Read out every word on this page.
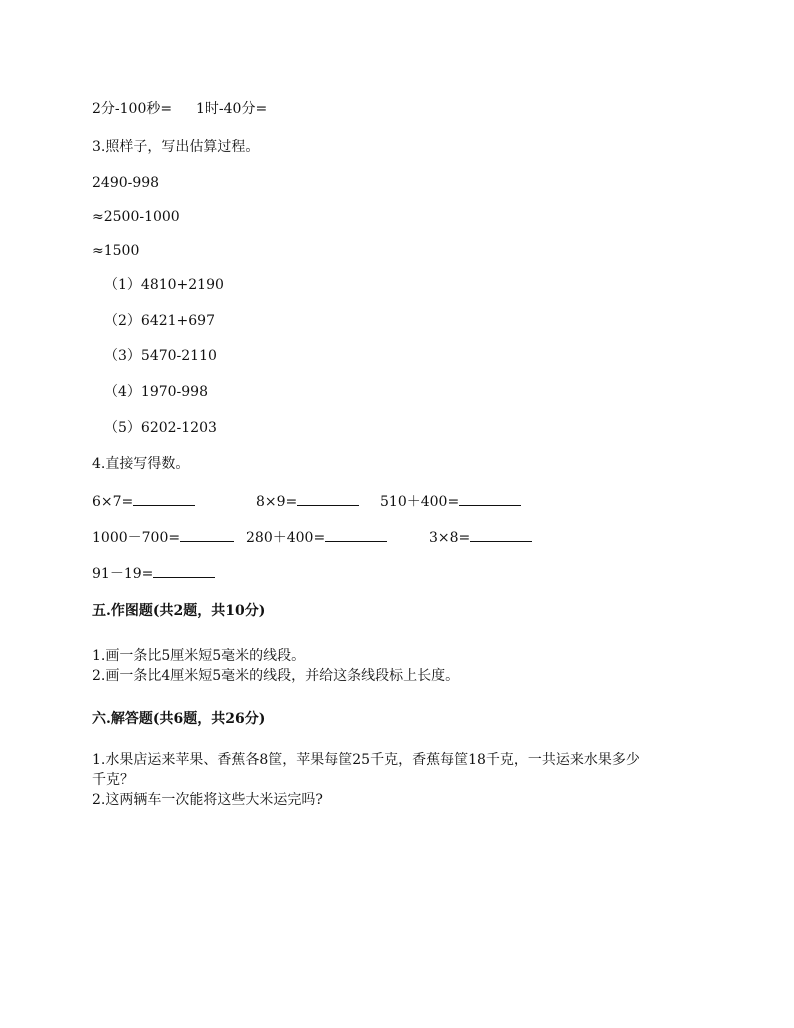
2分-100秒= 1时-40分=
3.照样子，写出估算过程。
2490-998
≈2500-1000
≈1500
（1）4810+2190
（2）6421+697
（3）5470-2110
（4）1970-998
（5）6202-1203
4.直接写得数。
6×7=	8×9=	510＋400=
1000－700=	280＋400=	3×8=
91－19=
五.作图题(共2题，共10分)
1.画一条比5厘米短5毫米的线段。
2.画一条比4厘米短5毫米的线段，并给这条线段标上长度。
六.解答题(共6题，共26分)
1.水果店运来苹果、香蕉各8筐，苹果每筐25千克，香蕉每筐18千克，一共运来水果多少
千克？
2.这两辆车一次能将这些大米运完吗?
